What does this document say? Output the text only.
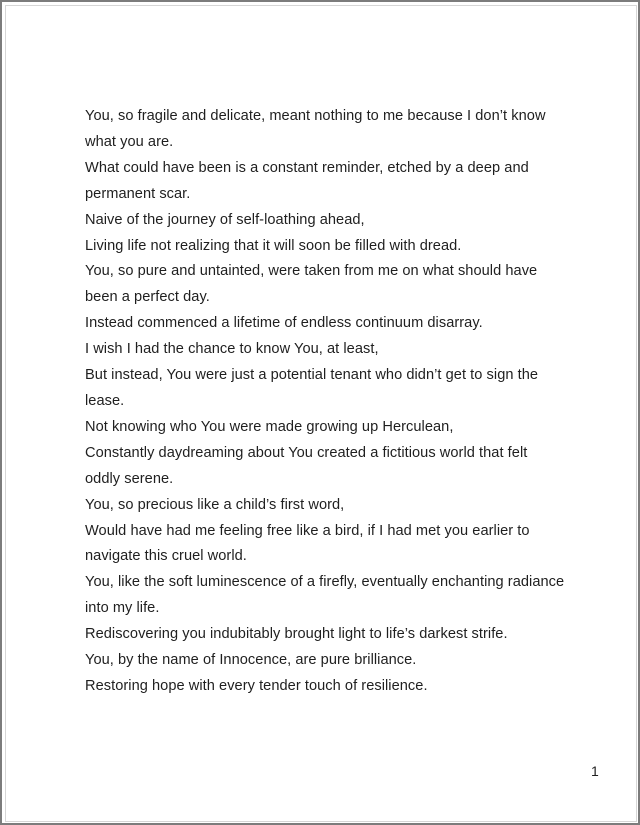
You, so fragile and delicate, meant nothing to me because I don’t know what you are.
What could have been is a constant reminder, etched by a deep and permanent scar.
Naive of the journey of self-loathing ahead,
Living life not realizing that it will soon be filled with dread.
You, so pure and untainted, were taken from me on what should have been a perfect day.
Instead commenced a lifetime of endless continuum disarray.
I wish I had the chance to know You, at least,
But instead, You were just a potential tenant who didn’t get to sign the lease.
Not knowing who You were made growing up Herculean,
Constantly daydreaming about You created a fictitious world that felt oddly serene.
You, so precious like a child’s first word,
Would have had me feeling free like a bird, if I had met you earlier to navigate this cruel world.
You, like the soft luminescence of a firefly, eventually enchanting radiance into my life.
Rediscovering you indubitably brought light to life’s darkest strife.
You, by the name of Innocence, are pure brilliance.
Restoring hope with every tender touch of resilience.
1
